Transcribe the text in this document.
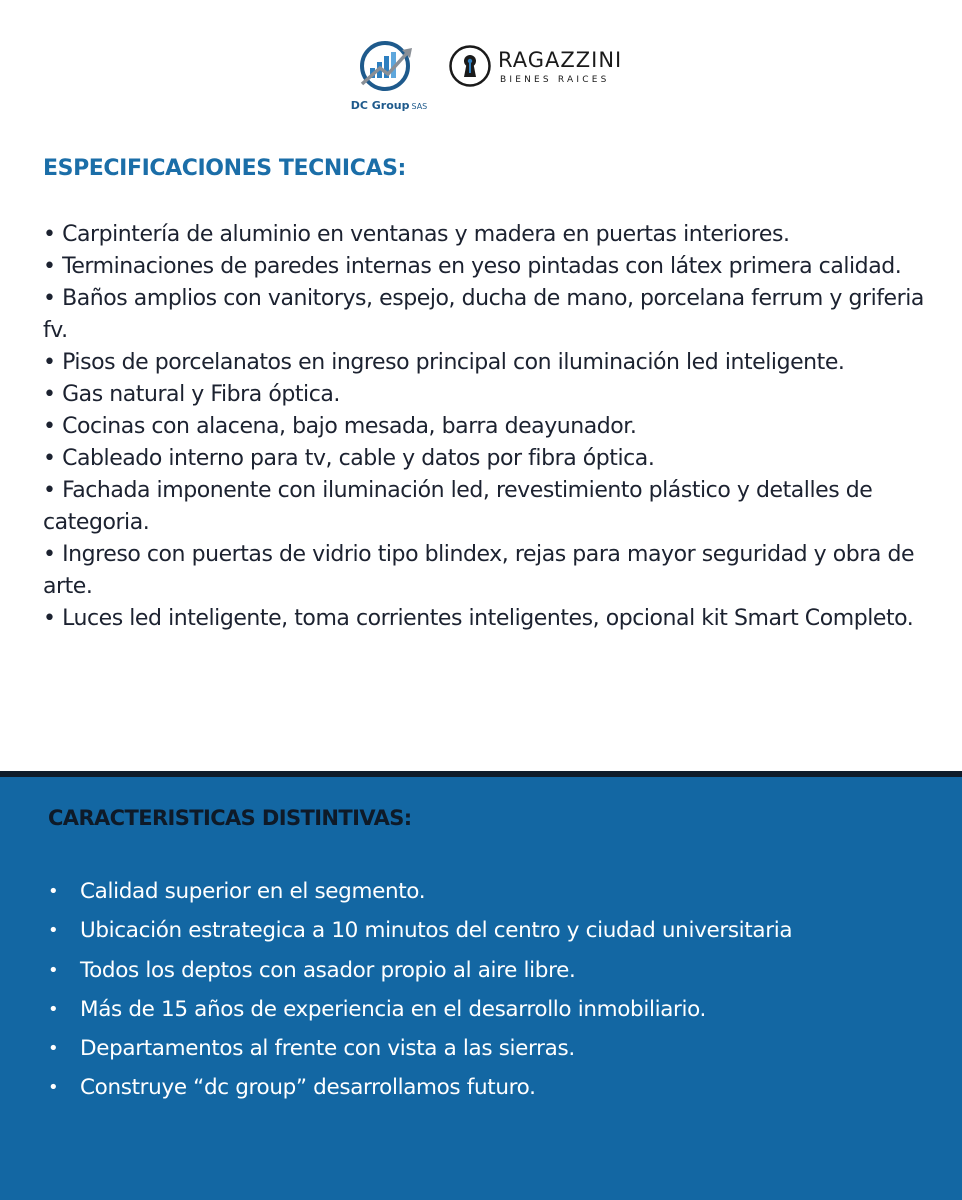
DC Group SAS
RAGAZZINI
BIENES RAICES
ESPECIFICACIONES TECNICAS:
• Carpintería de aluminio en ventanas y madera en puertas interiores.
• Terminaciones de paredes internas en yeso pintadas con látex primera calidad.
• Baños amplios con vanitorys, espejo, ducha de mano, porcelana ferrum y griferia fv.
• Pisos de porcelanatos en ingreso principal con iluminación led inteligente.
• Gas natural y Fibra óptica.
• Cocinas con alacena, bajo mesada, barra deayunador.
• Cableado interno para tv, cable y datos por fibra óptica.
• Fachada imponente con iluminación led, revestimiento plástico y detalles de categoria.
• Ingreso con puertas de vidrio tipo blindex, rejas para mayor seguridad y obra de arte.
• Luces led inteligente, toma corrientes inteligentes, opcional kit Smart Completo.
CARACTERISTICAS DISTINTIVAS:
• Calidad superior en el segmento.
• Ubicación estrategica a 10 minutos del centro y ciudad universitaria
• Todos los deptos con asador propio al aire libre.
• Más de 15 años de experiencia en el desarrollo inmobiliario.
• Departamentos al frente con vista a las sierras.
• Construye “dc group” desarrollamos futuro.
